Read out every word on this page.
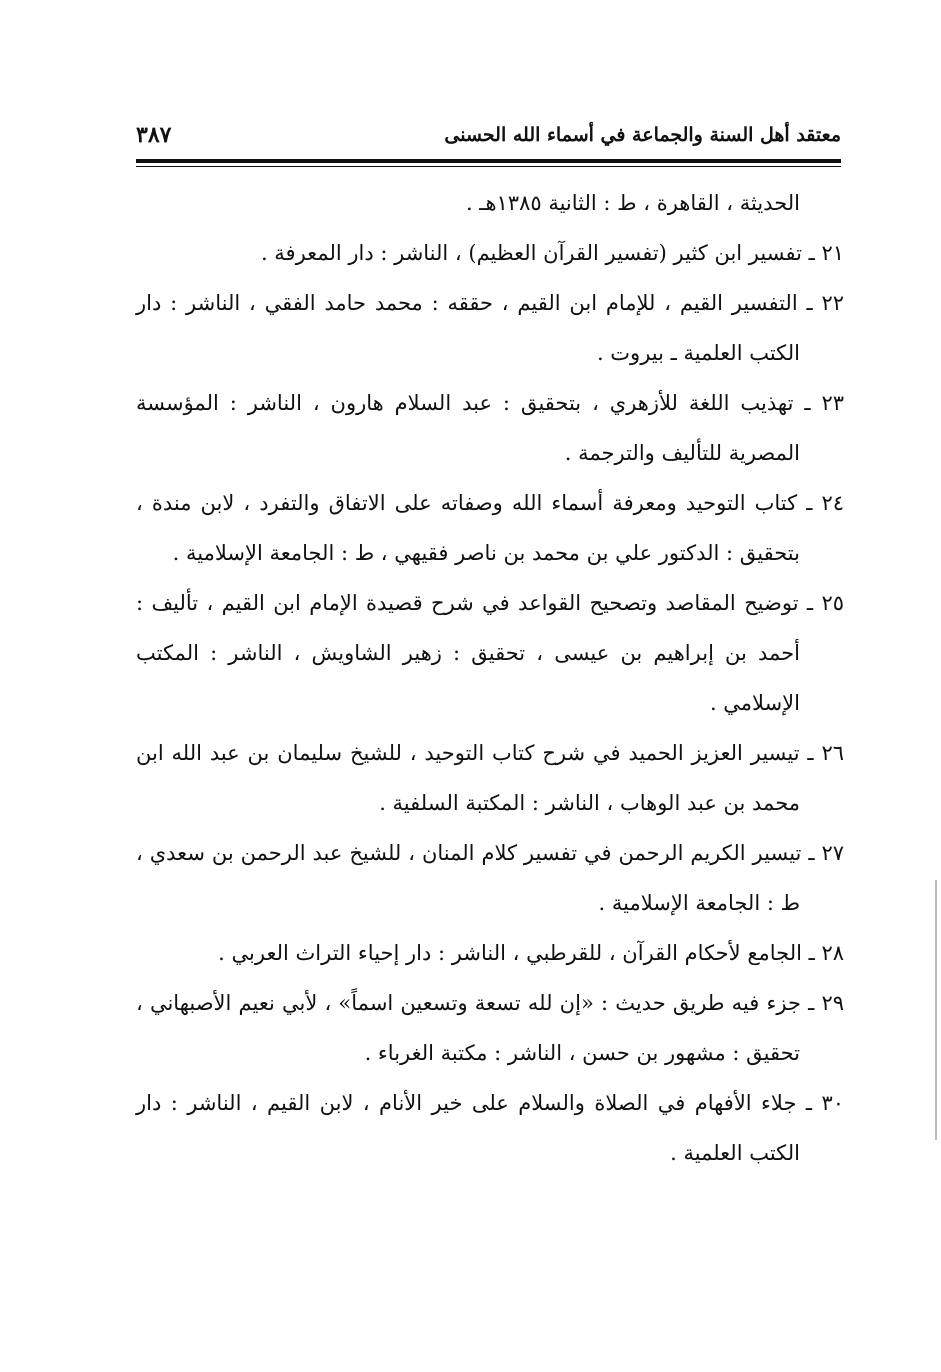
معتقد أهل السنة والجماعة في أسماء الله الحسنى
٣٨٧

الحديثة ، القاهرة ، ط : الثانية ١٣٨٥هـ .

٢١ ـ تفسير ابن كثير (تفسير القرآن العظيم) ، الناشر : دار المعرفة .

٢٢ ـ التفسير القيم ، للإمام ابن القيم ، حققه : محمد حامد الفقي ، الناشر : دار الكتب العلمية ـ بيروت .

٢٣ ـ تهذيب اللغة للأزهري ، بتحقيق : عبد السلام هارون ، الناشر : المؤسسة المصرية للتأليف والترجمة .

٢٤ ـ كتاب التوحيد ومعرفة أسماء الله وصفاته على الاتفاق والتفرد ، لابن مندة ، بتحقيق : الدكتور علي بن محمد بن ناصر فقيهي ، ط : الجامعة الإسلامية .

٢٥ ـ توضيح المقاصد وتصحيح القواعد في شرح قصيدة الإمام ابن القيم ، تأليف : أحمد بن إبراهيم بن عيسى ، تحقيق : زهير الشاويش ، الناشر : المكتب الإسلامي .

٢٦ ـ تيسير العزيز الحميد في شرح كتاب التوحيد ، للشيخ سليمان بن عبد الله ابن محمد بن عبد الوهاب ، الناشر : المكتبة السلفية .

٢٧ ـ تيسير الكريم الرحمن في تفسير كلام المنان ، للشيخ عبد الرحمن بن سعدي ، ط : الجامعة الإسلامية .

٢٨ ـ الجامع لأحكام القرآن ، للقرطبي ، الناشر : دار إحياء التراث العربي .

٢٩ ـ جزء فيه طريق حديث : «إن لله تسعة وتسعين اسماً» ، لأبي نعيم الأصبهاني ، تحقيق : مشهور بن حسن ، الناشر : مكتبة الغرباء .

٣٠ ـ جلاء الأفهام في الصلاة والسلام على خير الأنام ، لابن القيم ، الناشر : دار الكتب العلمية .
